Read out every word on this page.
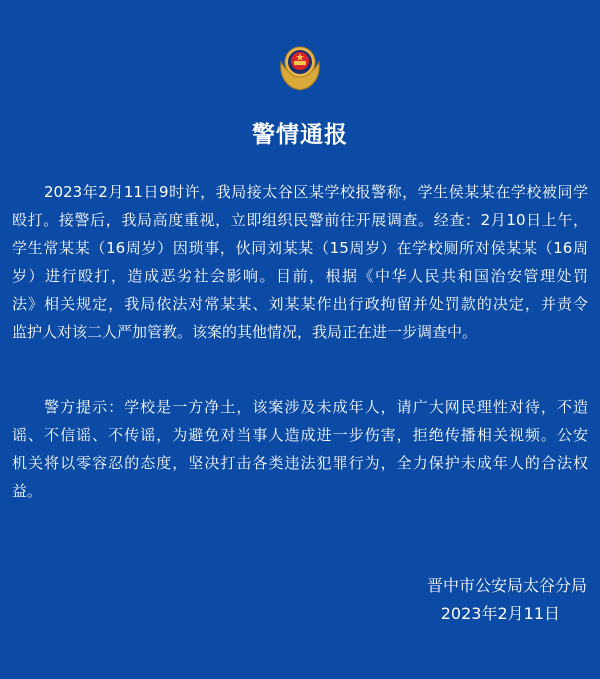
警情通报
2023年2月11日9时许，我局接太谷区某学校报警称，学生侯某某在学校被同学
殴打。接警后，我局高度重视，立即组织民警前往开展调查。经查：2月10日上午，
学生常某某（16周岁）因琐事，伙同刘某某（15周岁）在学校厕所对侯某某（16周
岁）进行殴打，造成恶劣社会影响。目前，根据《中华人民共和国治安管理处罚
法》相关规定，我局依法对常某某、刘某某作出行政拘留并处罚款的决定，并责令
监护人对该二人严加管教。该案的其他情况，我局正在进一步调查中。
警方提示：学校是一方净土，该案涉及未成年人，请广大网民理性对待，不造
谣、不信谣、不传谣，为避免对当事人造成进一步伤害，拒绝传播相关视频。公安
机关将以零容忍的态度，坚决打击各类违法犯罪行为，全力保护未成年人的合法权
益。
晋中市公安局太谷分局
2023年2月11日
